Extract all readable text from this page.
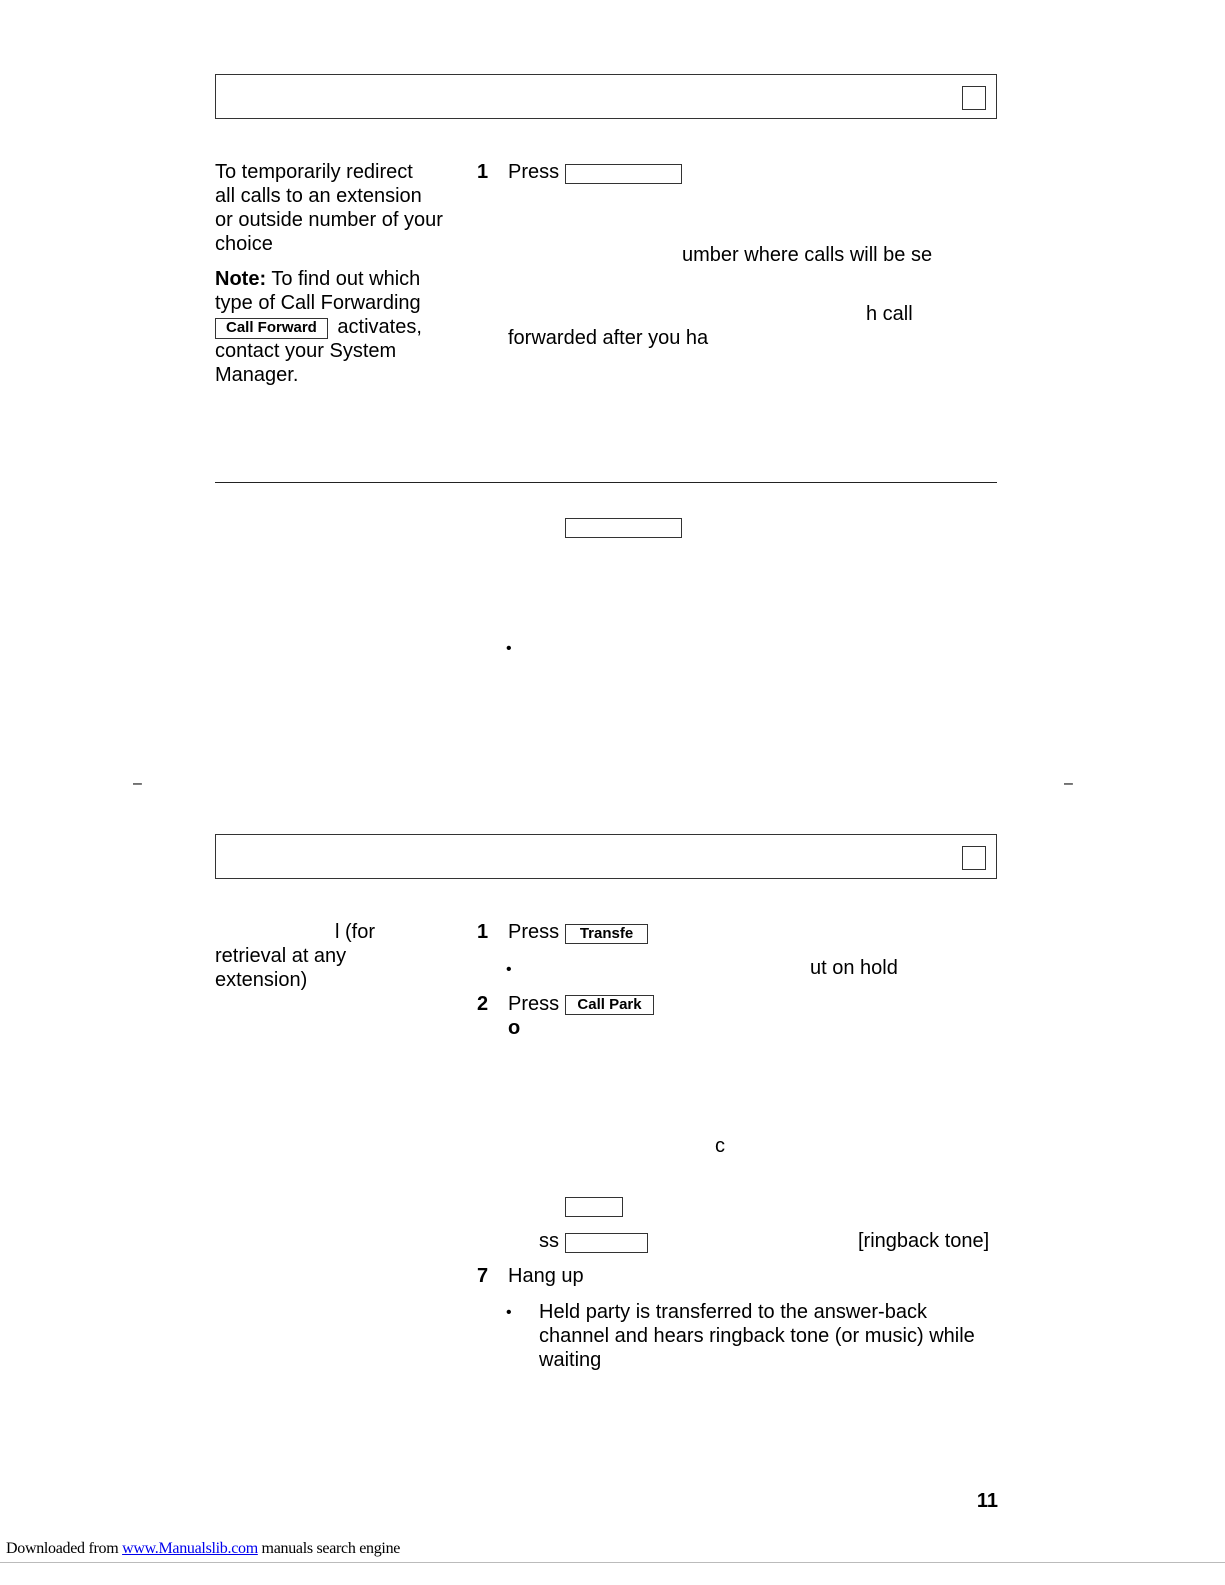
To temporarily redirect
all calls to an extension
or outside number of your
choice
Note: To find out which
type of Call Forwarding
Call Forward activates,
contact your System
Manager.
1 Press
umber where calls will be se
h call
forwarded after you ha
•
–	–
l (for
retrieval at any
extension)
1 Press	Transfe
•	ut on hold
2 Press	Call Park
o
c
ss	[ringback tone]
7 Hang up
• Held party is transferred to the answer-back channel and hears ringback tone (or music) while waiting
11
Downloaded from www.Manualslib.com manuals search engine
